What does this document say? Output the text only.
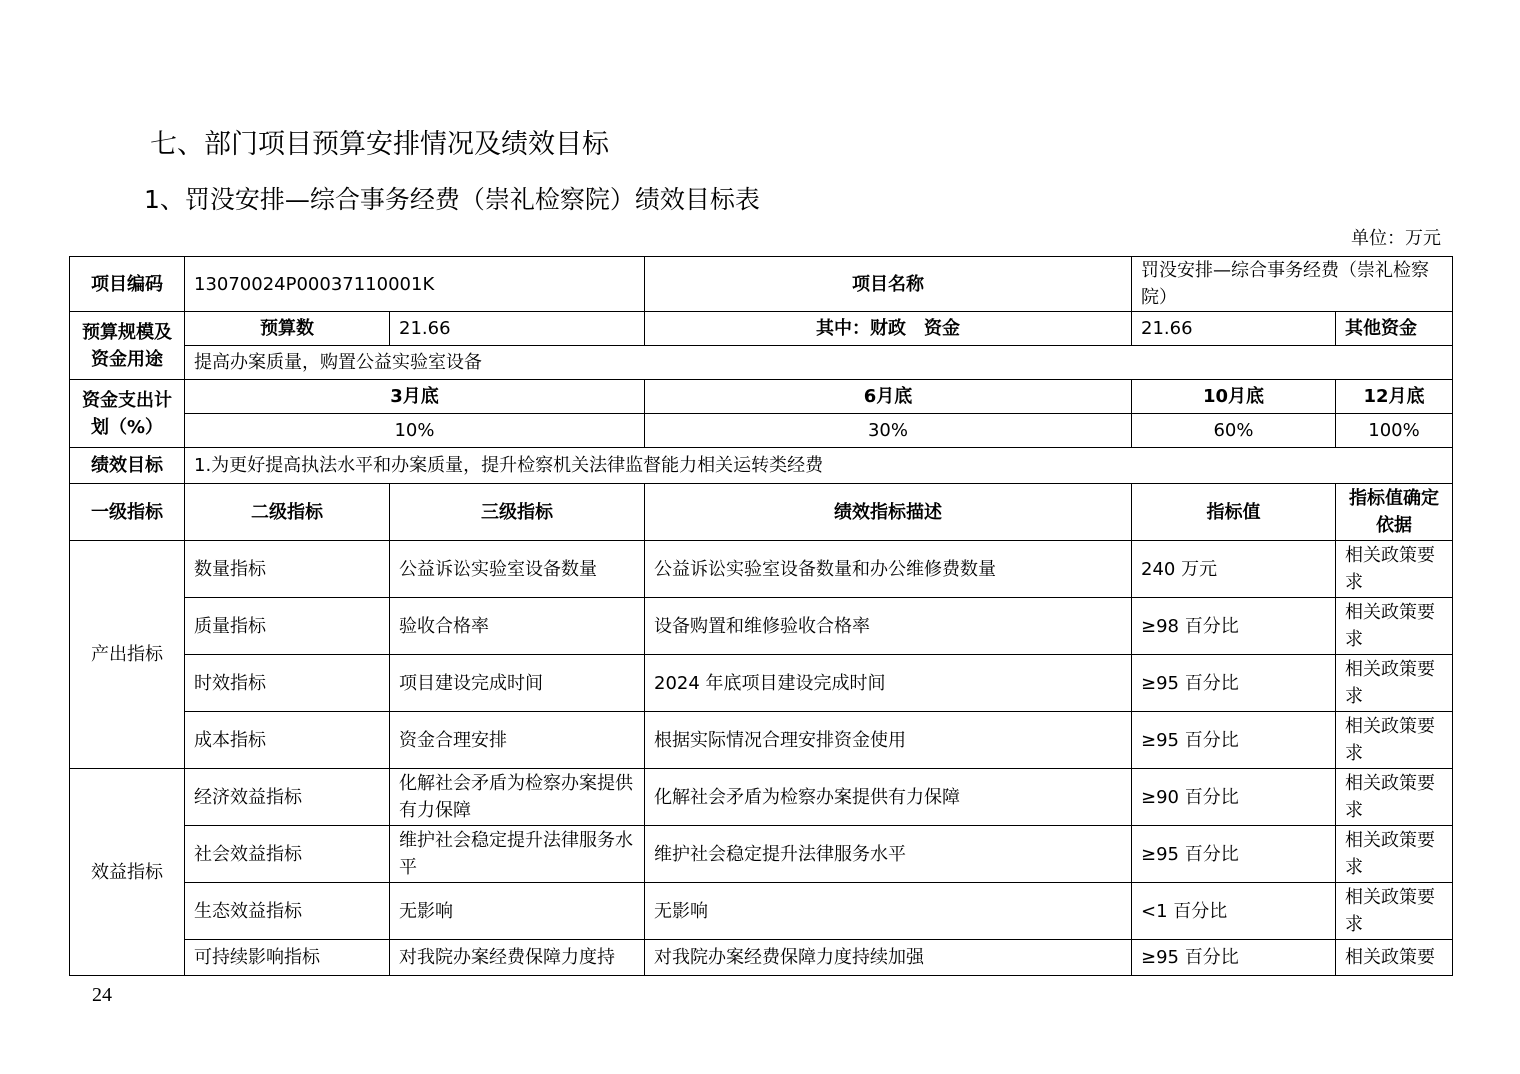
七、部门项目预算安排情况及绩效目标
1、罚没安排—综合事务经费（崇礼检察院）绩效目标表
单位：万元
项目编码	13070024P00037110001K		项目名称	罚没安排—综合事务经费（崇礼检察院）	
预算规模及资金用途	预算数	21.66	其中：财政　资金	21.66	其他资金
	提高办案质量，购置公益实验室设备				
资金支出计划（%）	3月底		6月底	10月底	12月底
	10%		30%	60%	100%
绩效目标	1.为更好提高执法水平和办案质量，提升检察机关法律监督能力相关运转类经费				
一级指标	二级指标	三级指标	绩效指标描述	指标值	指标值确定依据
产出指标	数量指标	公益诉讼实验室设备数量	公益诉讼实验室设备数量和办公维修费数量	240 万元	相关政策要求
	质量指标	验收合格率	设备购置和维修验收合格率	≥98 百分比	相关政策要求
	时效指标	项目建设完成时间	2024 年底项目建设完成时间	≥95 百分比	相关政策要求
	成本指标	资金合理安排	根据实际情况合理安排资金使用	≥95 百分比	相关政策要求
效益指标	经济效益指标	化解社会矛盾为检察办案提供有力保障	化解社会矛盾为检察办案提供有力保障	≥90 百分比	相关政策要求
	社会效益指标	维护社会稳定提升法律服务水平	维护社会稳定提升法律服务水平	≥95 百分比	相关政策要求
	生态效益指标	无影响	无影响	<1 百分比	相关政策要求
	可持续影响指标	对我院办案经费保障力度持	对我院办案经费保障力度持续加强	≥95 百分比	相关政策要
24
